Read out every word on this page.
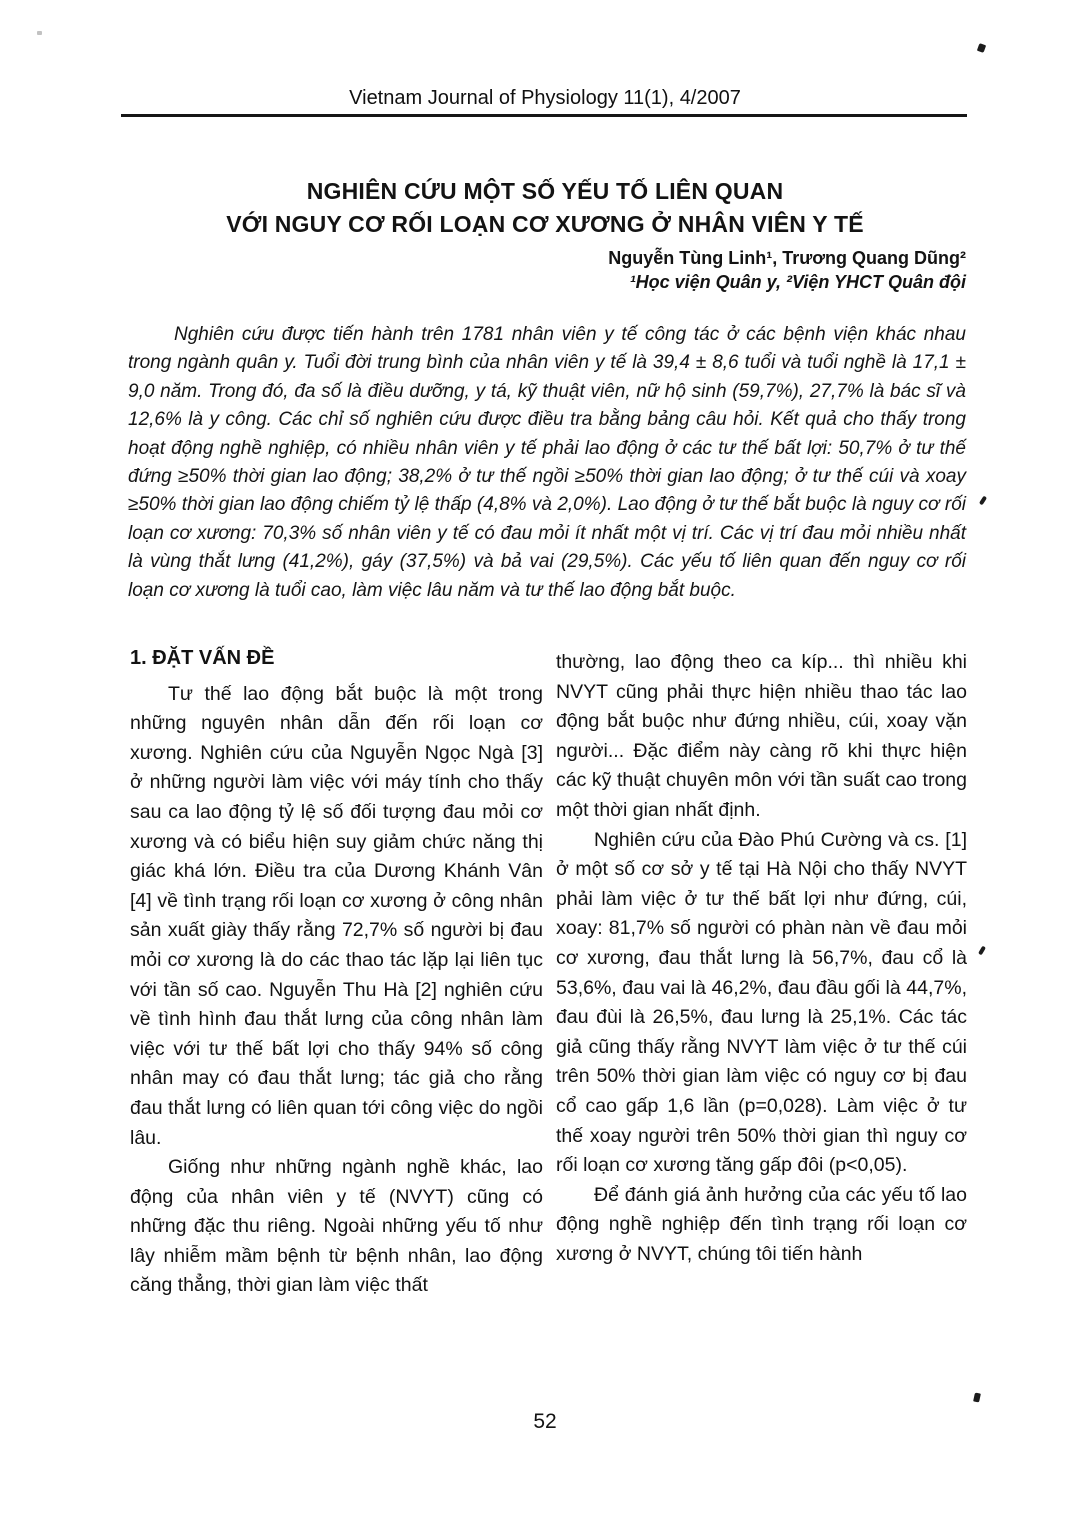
Vietnam Journal of Physiology 11(1), 4/2007
NGHIÊN CỨU MỘT SỐ YẾU TỐ LIÊN QUAN
VỚI NGUY CƠ RỐI LOẠN CƠ XƯƠNG Ở NHÂN VIÊN Y TẾ
Nguyễn Tùng Linh¹, Trương Quang Dũng²
¹Học viện Quân y, ²Viện YHCT Quân đội
Nghiên cứu được tiến hành trên 1781 nhân viên y tế công tác ở các bệnh viện khác nhau trong ngành quân y. Tuổi đời trung bình của nhân viên y tế là 39,4 ± 8,6 tuổi và tuổi nghề là 17,1 ± 9,0 năm. Trong đó, đa số là điều dưỡng, y tá, kỹ thuật viên, nữ hộ sinh (59,7%), 27,7% là bác sĩ và 12,6% là y công. Các chỉ số nghiên cứu được điều tra bằng bảng câu hỏi. Kết quả cho thấy trong hoạt động nghề nghiệp, có nhiều nhân viên y tế phải lao động ở các tư thế bất lợi: 50,7% ở tư thế đứng ≥50% thời gian lao động; 38,2% ở tư thế ngồi ≥50% thời gian lao động; ở tư thế cúi và xoay ≥50% thời gian lao động chiếm tỷ lệ thấp (4,8% và 2,0%). Lao động ở tư thế bắt buộc là nguy cơ rối loạn cơ xương: 70,3% số nhân viên y tế có đau mỏi ít nhất một vị trí. Các vị trí đau mỏi nhiều nhất là vùng thắt lưng (41,2%), gáy (37,5%) và bả vai (29,5%). Các yếu tố liên quan đến nguy cơ rối loạn cơ xương là tuổi cao, làm việc lâu năm và tư thế lao động bắt buộc.
1. ĐẶT VẤN ĐỀ

Tư thế lao động bắt buộc là một trong những nguyên nhân dẫn đến rối loạn cơ xương. Nghiên cứu của Nguyễn Ngọc Ngà [3] ở những người làm việc với máy tính cho thấy sau ca lao động tỷ lệ số đối tượng đau mỏi cơ xương và có biểu hiện suy giảm chức năng thị giác khá lớn. Điều tra của Dương Khánh Vân [4] về tình trạng rối loạn cơ xương ở công nhân sản xuất giày thấy rằng 72,7% số người bị đau mỏi cơ xương là do các thao tác lặp lại liên tục với tần số cao. Nguyễn Thu Hà [2] nghiên cứu về tình hình đau thắt lưng của công nhân làm việc với tư thế bất lợi cho thấy 94% số công nhân may có đau thắt lưng; tác giả cho rằng đau thắt lưng có liên quan tới công việc do ngồi lâu.

Giống như những ngành nghề khác, lao động của nhân viên y tế (NVYT) cũng có những đặc thu riêng. Ngoài những yếu tố như lây nhiễm mầm bệnh từ bệnh nhân, lao động căng thẳng, thời gian làm việc thất

thường, lao động theo ca kíp... thì nhiều khi NVYT cũng phải thực hiện nhiều thao tác lao động bắt buộc như đứng nhiều, cúi, xoay vặn người... Đặc điểm này càng rõ khi thực hiện các kỹ thuật chuyên môn với tần suất cao trong một thời gian nhất định.

Nghiên cứu của Đào Phú Cường và cs. [1] ở một số cơ sở y tế tại Hà Nội cho thấy NVYT phải làm việc ở tư thế bất lợi như đứng, cúi, xoay: 81,7% số người có phàn nàn về đau mỏi cơ xương, đau thắt lưng là 56,7%, đau cổ là 53,6%, đau vai là 46,2%, đau đầu gối là 44,7%, đau đùi là 26,5%, đau lưng là 25,1%. Các tác giả cũng thấy rằng NVYT làm việc ở tư thế cúi trên 50% thời gian làm việc có nguy cơ bị đau cổ cao gấp 1,6 lần (p=0,028). Làm việc ở tư thế xoay người trên 50% thời gian thì nguy cơ rối loạn cơ xương tăng gấp đôi (p<0,05).

Để đánh giá ảnh hưởng của các yếu tố lao động nghề nghiệp đến tình trạng rối loạn cơ xương ở NVYT, chúng tôi tiến hành

52
